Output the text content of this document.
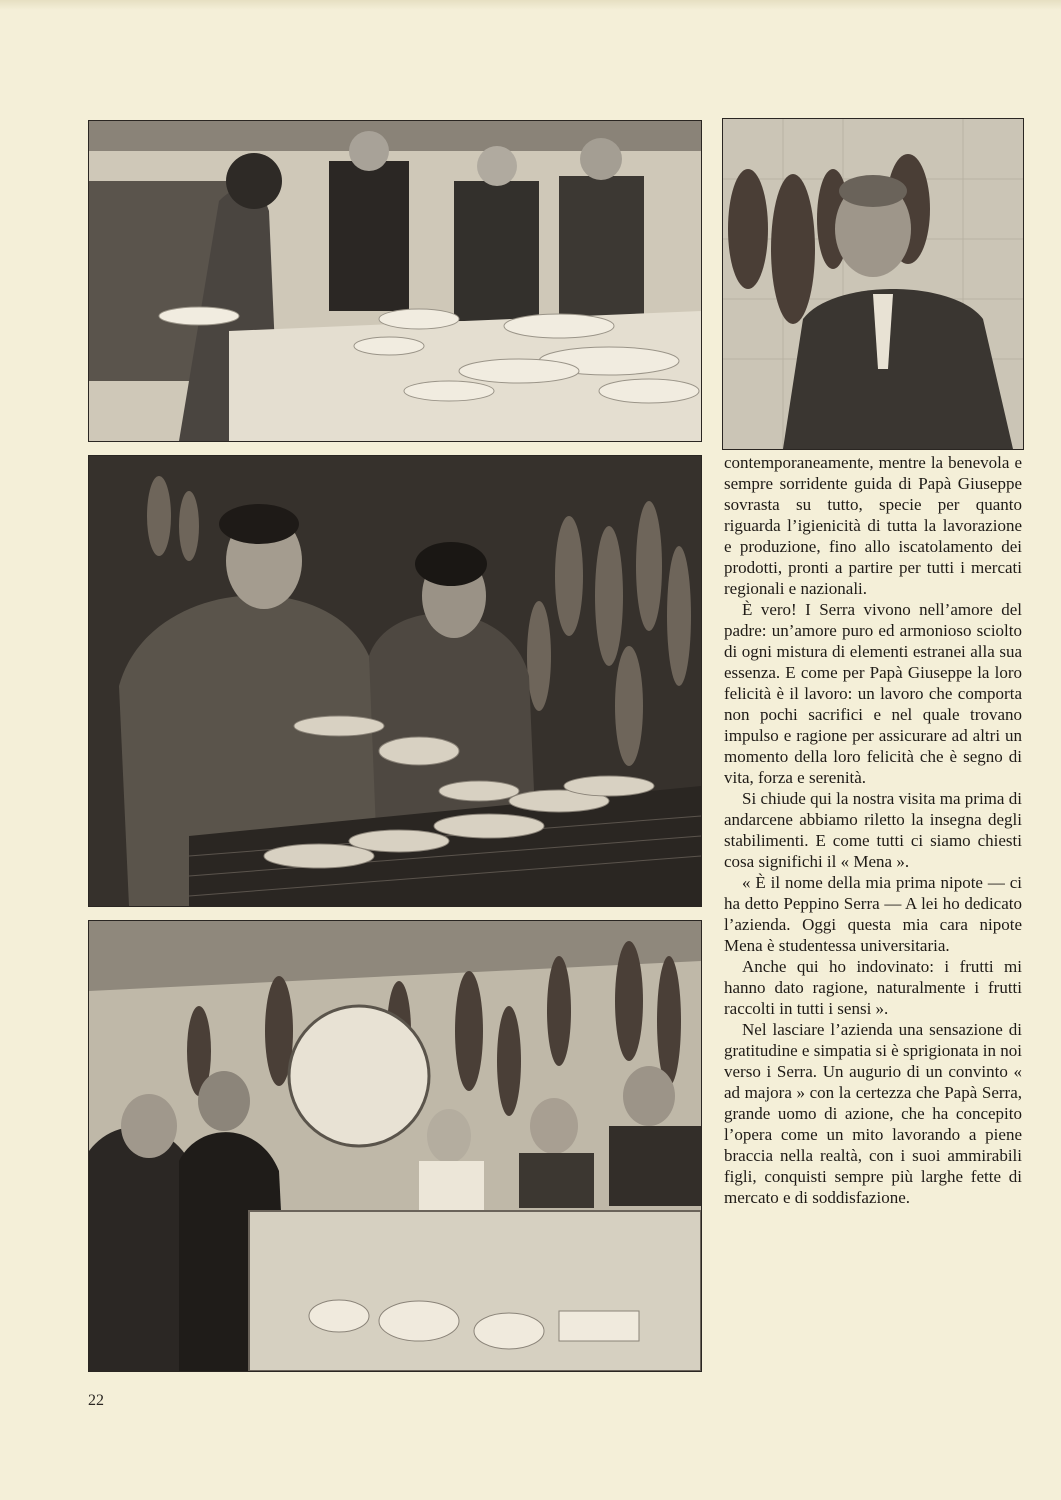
contemporaneamente, mentre la benevola e sempre sorridente guida di Papà Giuseppe sovrasta su tutto, specie per quanto riguarda l’igienicità di tutta la lavorazione e produzione, fino allo iscatolamento dei prodotti, pronti a partire per tutti i mercati regionali e nazionali.

È vero! I Serra vivono nell’amore del padre: un’amore puro ed armonioso sciolto di ogni mistura di elementi estranei alla sua essenza. E come per Papà Giuseppe la loro felicità è il lavoro: un lavoro che comporta non pochi sacrifici e nel quale trovano impulso e ragione per assicurare ad altri un momento della loro felicità che è segno di vita, forza e serenità.

Si chiude qui la nostra visita ma prima di andarcene abbiamo riletto la insegna degli stabilimenti. E come tutti ci siamo chiesti cosa significhi il « Mena ».

« È il nome della mia prima nipote — ci ha detto Peppino Serra — A lei ho dedicato l’azienda. Oggi questa mia cara nipote Mena è studentessa universitaria.

Anche qui ho indovinato: i frutti mi hanno dato ragione, naturalmente i frutti raccolti in tutti i sensi ».

Nel lasciare l’azienda una sensazione di gratitudine e simpatia si è sprigionata in noi verso i Serra. Un augurio di un convinto « ad majora » con la certezza che Papà Serra, grande uomo di azione, che ha concepito l’opera come un mito lavorando a piene braccia nella realtà, con i suoi ammirabili figli, conquisti sempre più larghe fette di mercato e di soddisfazione.

22
